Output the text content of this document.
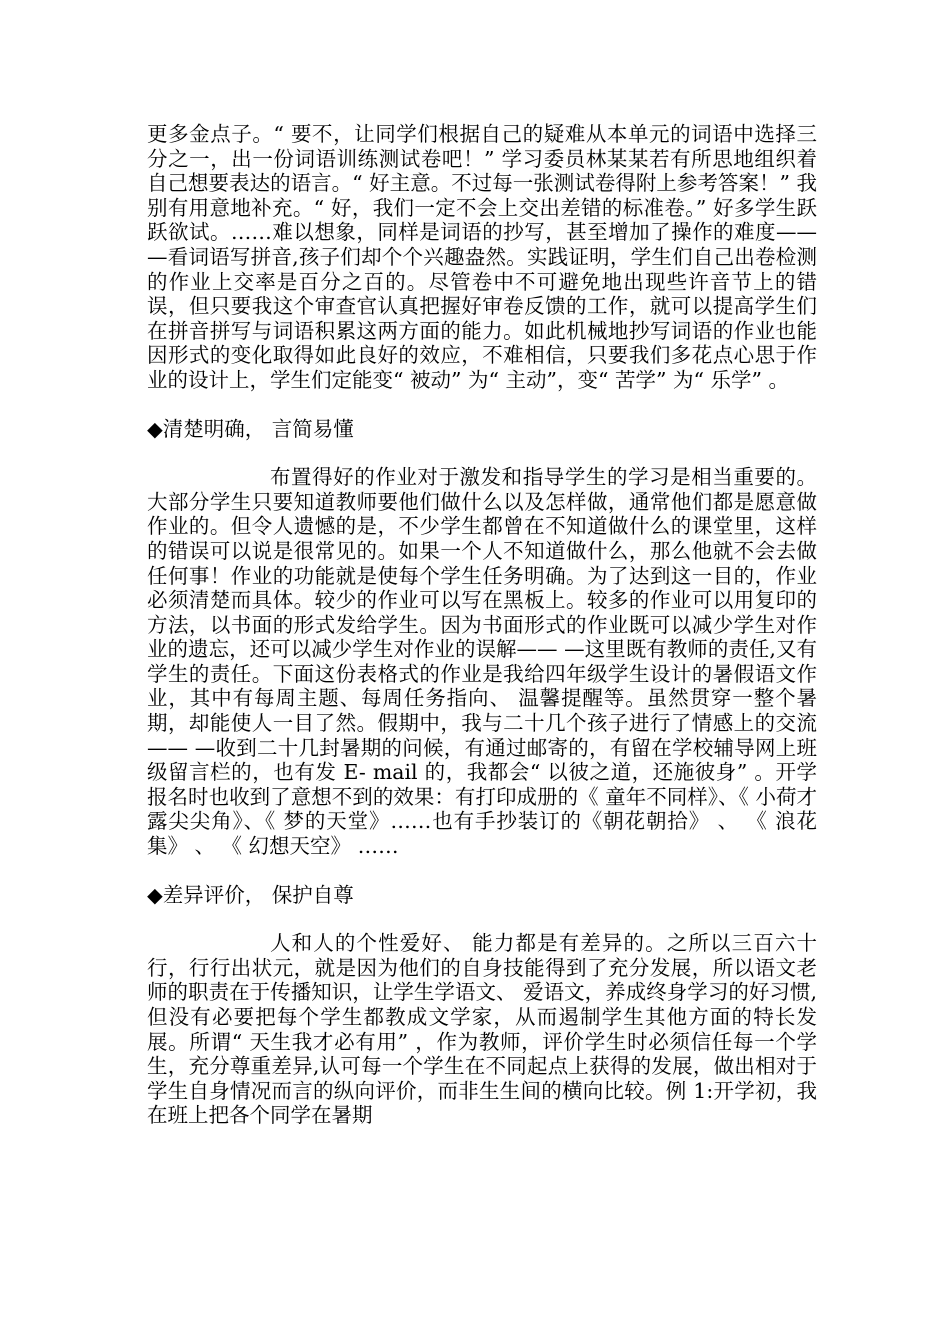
更多金点子。“ 要不，让同学们根据自己的疑难从本单元的词语中选择三分之一，出一份词语训练测试卷吧！” 学习委员林某某若有所思地组织着自己想要表达的语言。“ 好主意。不过每一张测试卷得附上参考答案！” 我别有用意地补充。“ 好，我们一定不会上交出差错的标准卷。” 好多学生跃跃欲试。……难以想象，同样是词语的抄写，甚至增加了操作的难度—— —看词语写拼音,孩子们却个个兴趣盎然。实践证明，学生们自己出卷检测的作业上交率是百分之百的。尽管卷中不可避免地出现些许音节上的错误，但只要我这个审查官认真把握好审卷反馈的工作，就可以提高学生们在拼音拼写与词语积累这两方面的能力。如此机械地抄写词语的作业也能因形式的变化取得如此良好的效应，不难相信，只要我们多花点心思于作业的设计上，学生们定能变“ 被动” 为“ 主动”，变“ 苦学” 为“ 乐学” 。

◆清楚明确， 言简易懂

布置得好的作业对于激发和指导学生的学习是相当重要的。大部分学生只要知道教师要他们做什么以及怎样做，通常他们都是愿意做作业的。但令人遗憾的是，不少学生都曾在不知道做什么的课堂里，这样的错误可以说是很常见的。如果一个人不知道做什么，那么他就不会去做任何事！作业的功能就是使每个学生任务明确。为了达到这一目的，作业必须清楚而具体。较少的作业可以写在黑板上。较多的作业可以用复印的方法，以书面的形式发给学生。因为书面形式的作业既可以减少学生对作业的遗忘，还可以减少学生对作业的误解—— —这里既有教师的责任,又有学生的责任。下面这份表格式的作业是我给四年级学生设计的暑假语文作业，其中有每周主题、每周任务指向、 温馨提醒等。虽然贯穿一整个暑期，却能使人一目了然。假期中，我与二十几个孩子进行了情感上的交流—— —收到二十几封暑期的问候，有通过邮寄的，有留在学校辅导网上班级留言栏的，也有发 E- mail 的，我都会“ 以彼之道，还施彼身” 。开学报名时也收到了意想不到的效果：有打印成册的《 童年不同样》、《 小荷才露尖尖角》、《 梦的天堂》……也有手抄装订的《朝花朝拾》 、 《 浪花集》 、 《 幻想天空》 ……

◆差异评价， 保护自尊

人和人的个性爱好、 能力都是有差异的。之所以三百六十行，行行出状元，就是因为他们的自身技能得到了充分发展，所以语文老师的职责在于传播知识，让学生学语文、 爱语文，养成终身学习的好习惯,但没有必要把每个学生都教成文学家，从而遏制学生其他方面的特长发展。所谓“ 天生我才必有用” ，作为教师，评价学生时必须信任每一个学生，充分尊重差异,认可每一个学生在不同起点上获得的发展，做出相对于学生自身情况而言的纵向评价，而非生生间的横向比较。例 1:开学初，我在班上把各个同学在暑期
